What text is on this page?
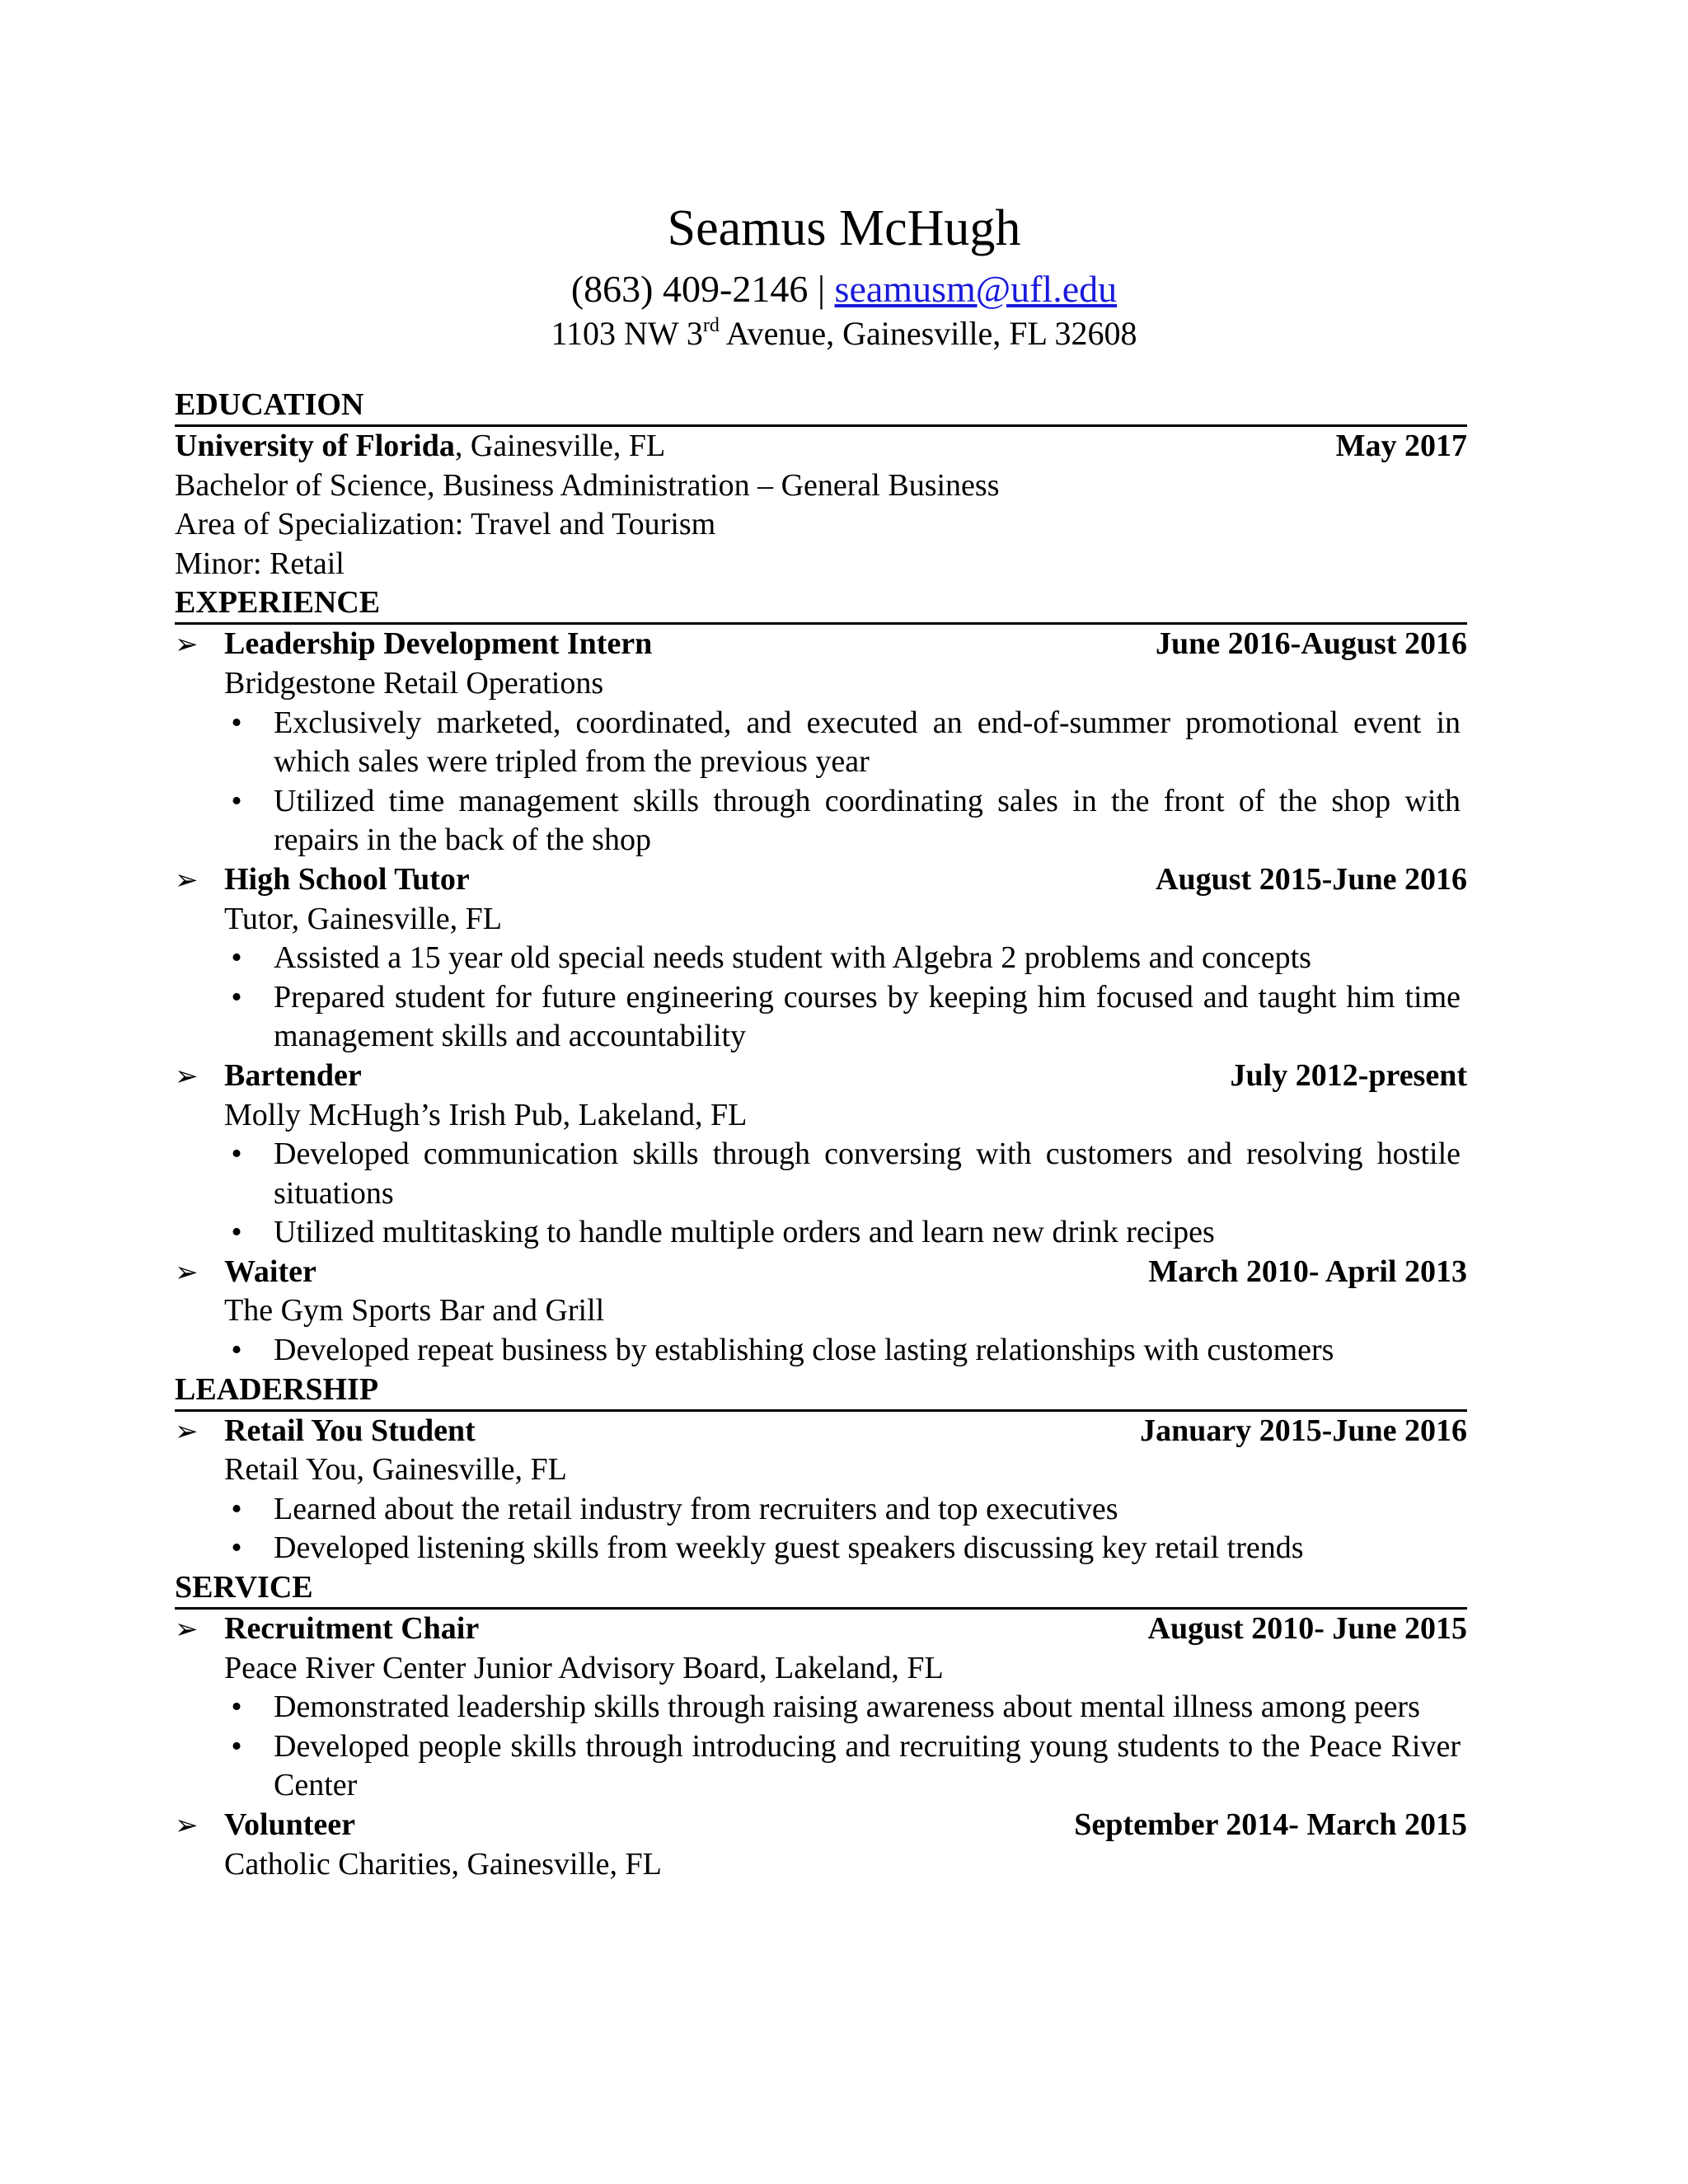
Seamus McHugh
(863) 409-2146 | seamusm@ufl.edu
1103 NW 3rd Avenue, Gainesville, FL 32608
EDUCATION
University of Florida, Gainesville, FL	May 2017
Bachelor of Science, Business Administration – General Business
Area of Specialization: Travel and Tourism
Minor: Retail
EXPERIENCE
➢ Leadership Development Intern	June 2016-August 2016
Bridgestone Retail Operations
• Exclusively marketed, coordinated, and executed an end-of-summer promotional event in which sales were tripled from the previous year
• Utilized time management skills through coordinating sales in the front of the shop with repairs in the back of the shop
➢ High School Tutor	August 2015-June 2016
Tutor, Gainesville, FL
• Assisted a 15 year old special needs student with Algebra 2 problems and concepts
• Prepared student for future engineering courses by keeping him focused and taught him time management skills and accountability
➢ Bartender	July 2012-present
Molly McHugh’s Irish Pub, Lakeland, FL
• Developed communication skills through conversing with customers and resolving hostile situations
• Utilized multitasking to handle multiple orders and learn new drink recipes
➢ Waiter	March 2010- April 2013
The Gym Sports Bar and Grill
• Developed repeat business by establishing close lasting relationships with customers
LEADERSHIP
➢ Retail You Student	January 2015-June 2016
Retail You, Gainesville, FL
• Learned about the retail industry from recruiters and top executives
• Developed listening skills from weekly guest speakers discussing key retail trends
SERVICE
➢ Recruitment Chair	August 2010- June 2015
Peace River Center Junior Advisory Board, Lakeland, FL
• Demonstrated leadership skills through raising awareness about mental illness among peers
• Developed people skills through introducing and recruiting young students to the Peace River Center
➢ Volunteer	September 2014- March 2015
Catholic Charities, Gainesville, FL
